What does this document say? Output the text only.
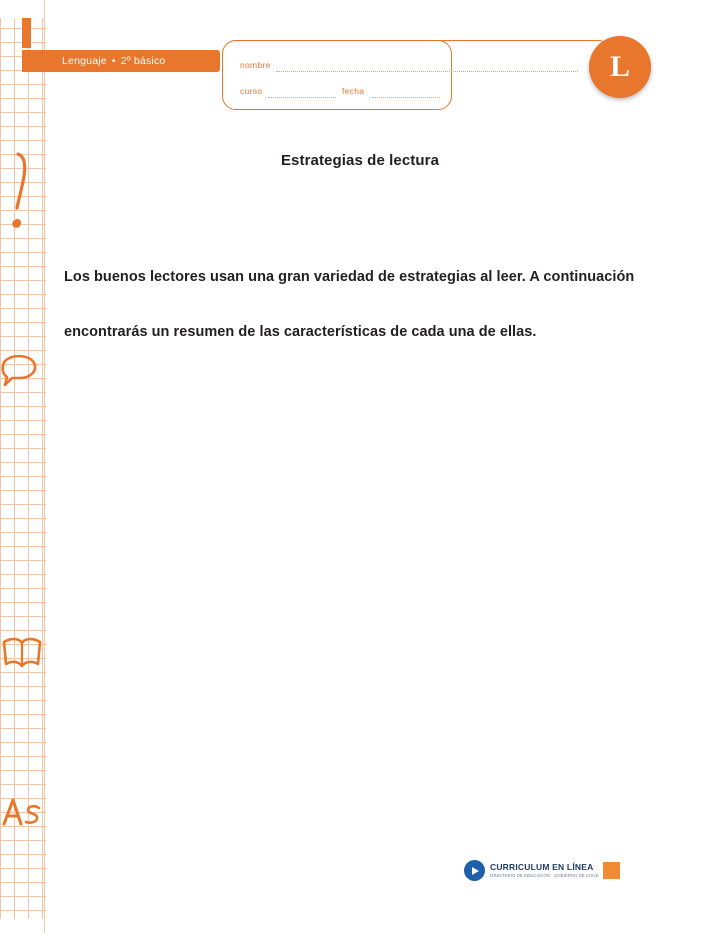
Lenguaje • 2º básico	nombre
curso	fecha
L
Estrategias de lectura
Los buenos lectores usan una gran variedad de estrategias al leer. A continuación encontrarás un resumen de las características de cada una de ellas.
CURRICULUM EN LÍNEA
MINISTERIO DE EDUCACIÓN · GOBIERNO DE CHILE
